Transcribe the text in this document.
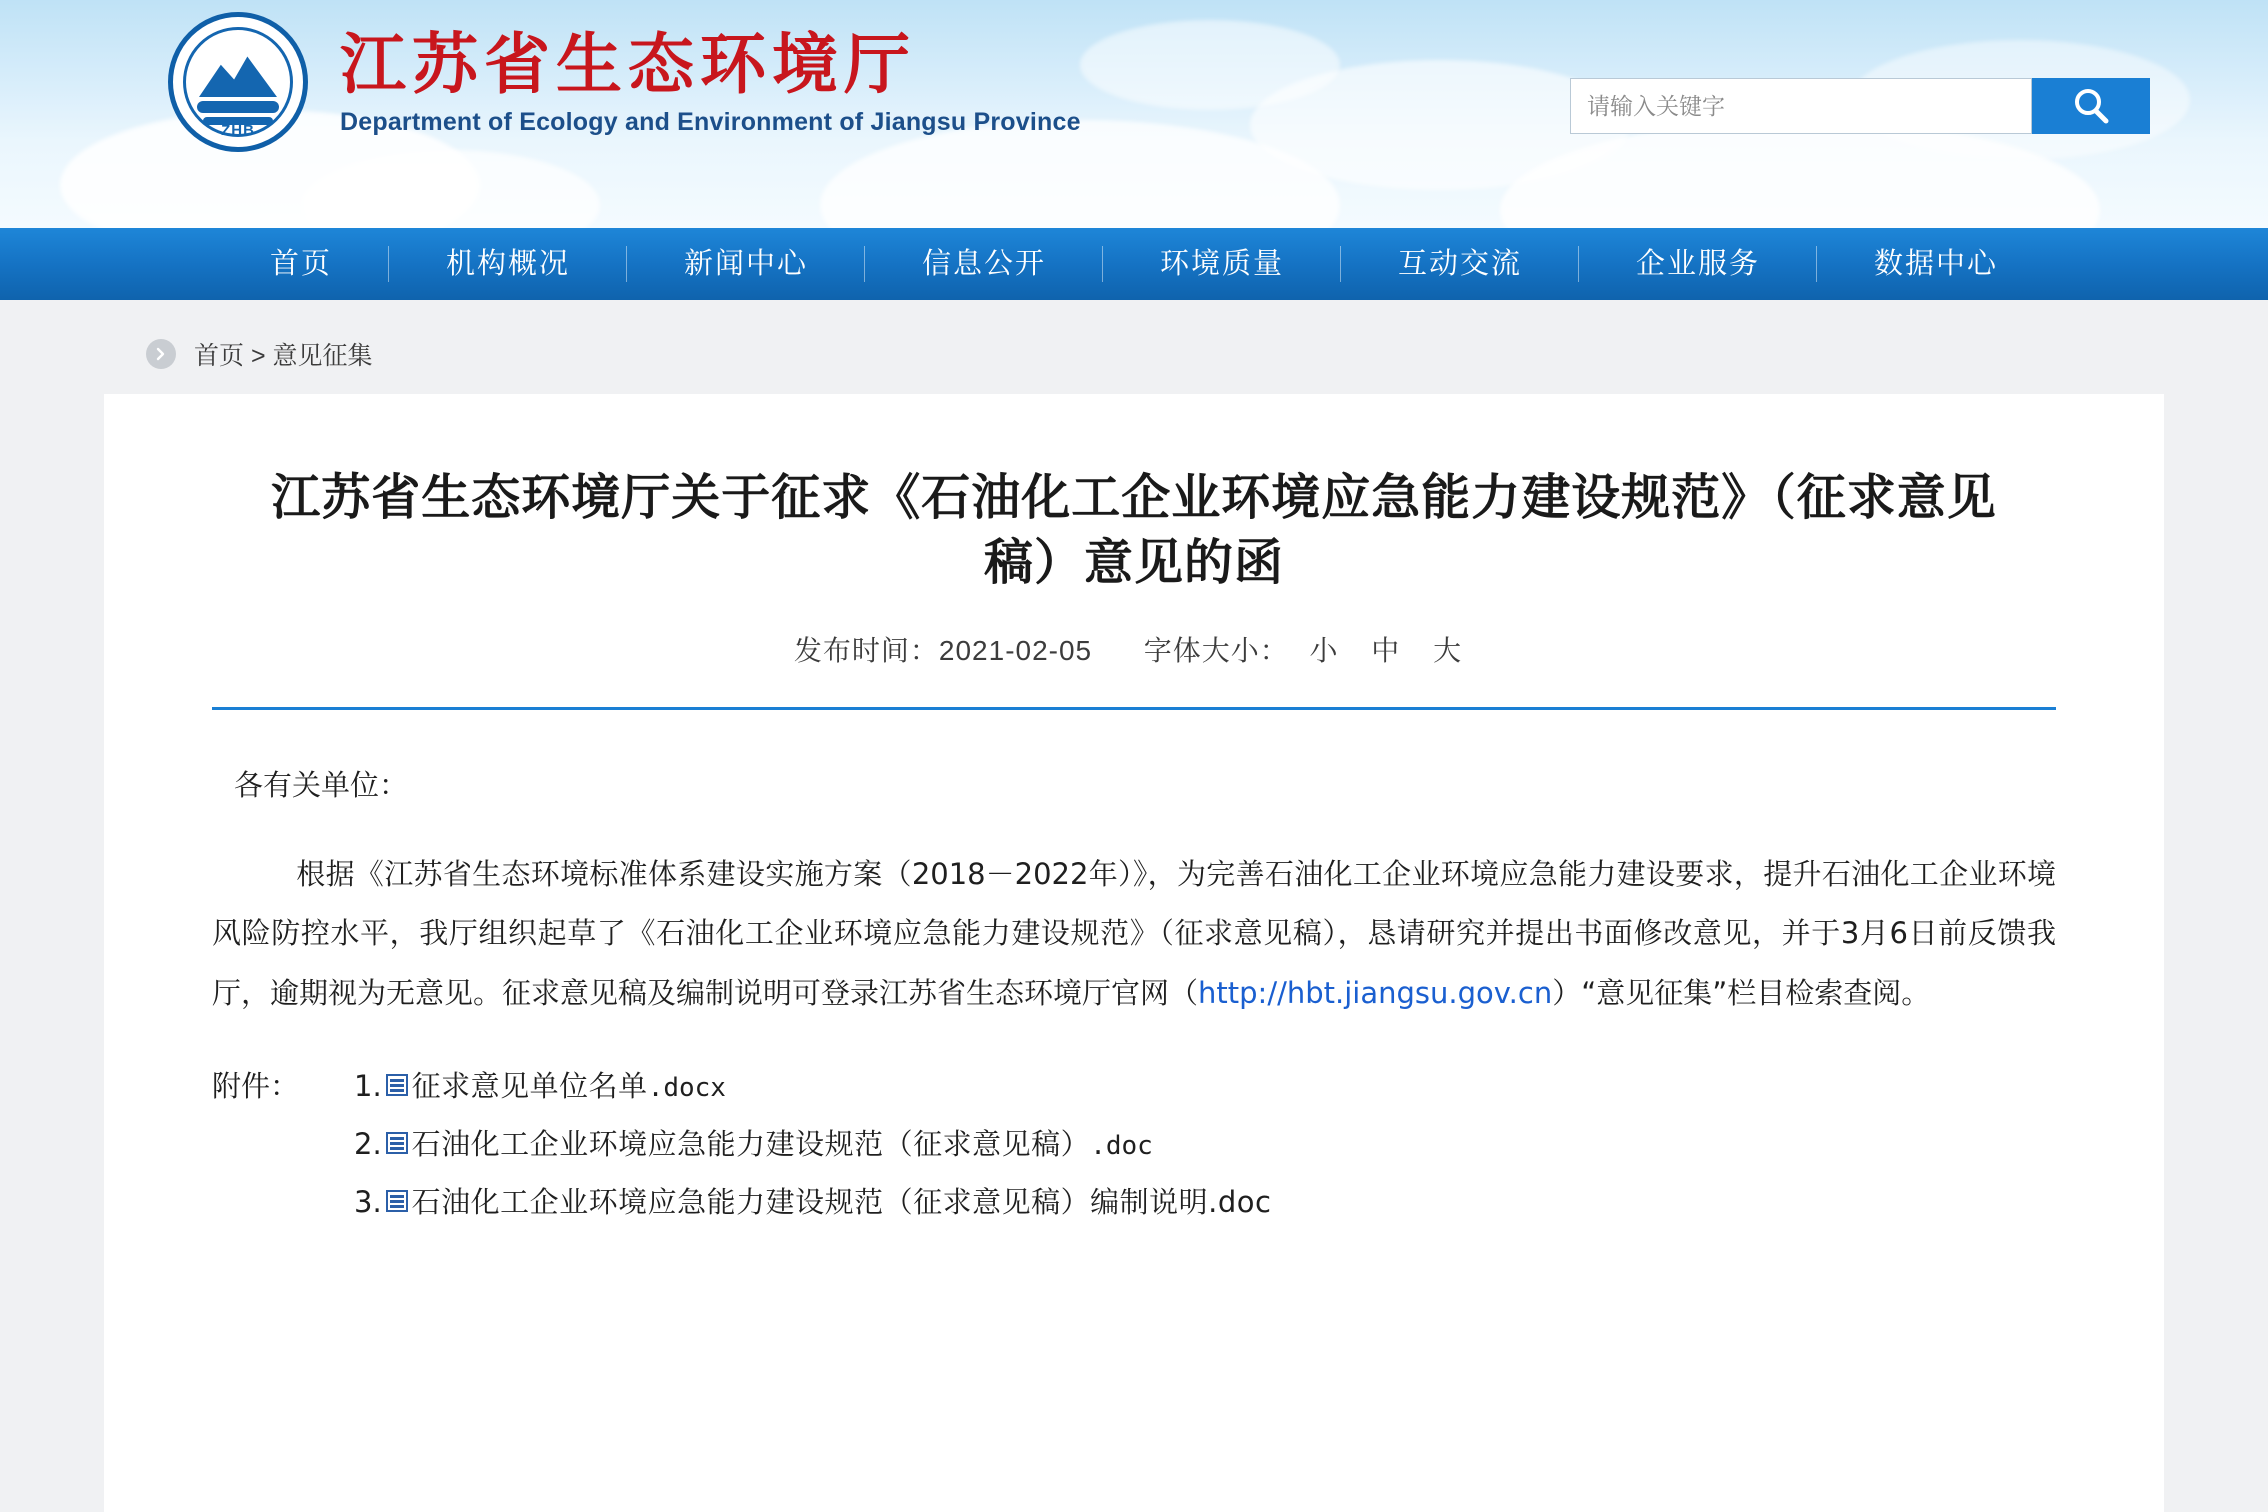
ZHB
江苏省生态环境厅
Department of Ecology and Environment of Jiangsu Province
请输入关键字
首页	机构概况	新闻中心	信息公开	环境质量	互动交流	企业服务	数据中心
首页 > 意见征集
江苏省生态环境厅关于征求《石油化工企业环境应急能力建设规范》（征求意见稿）意见的函
发布时间：2021-02-05 字体大小： 小 中 大

各有关单位：

根据《江苏省生态环境标准体系建设实施方案（2018－2022年）》，为完善石油化工企业环境应急能力建设要求，提升石油化工企业环境风险防控水平，我厅组织起草了《石油化工企业环境应急能力建设规范》（征求意见稿），恳请研究并提出书面修改意见，并于3月6日前反馈我厅，逾期视为无意见。征求意见稿及编制说明可登录江苏省生态环境厅官网（http://hbt.jiangsu.gov.cn）“意见征集”栏目检索查阅。

附件：	1. 征求意见单位名单 .docx
2. 石油化工企业环境应急能力建设规范（征求意见稿） .doc
3. 石油化工企业环境应急能力建设规范（征求意见稿）编制说明.doc
